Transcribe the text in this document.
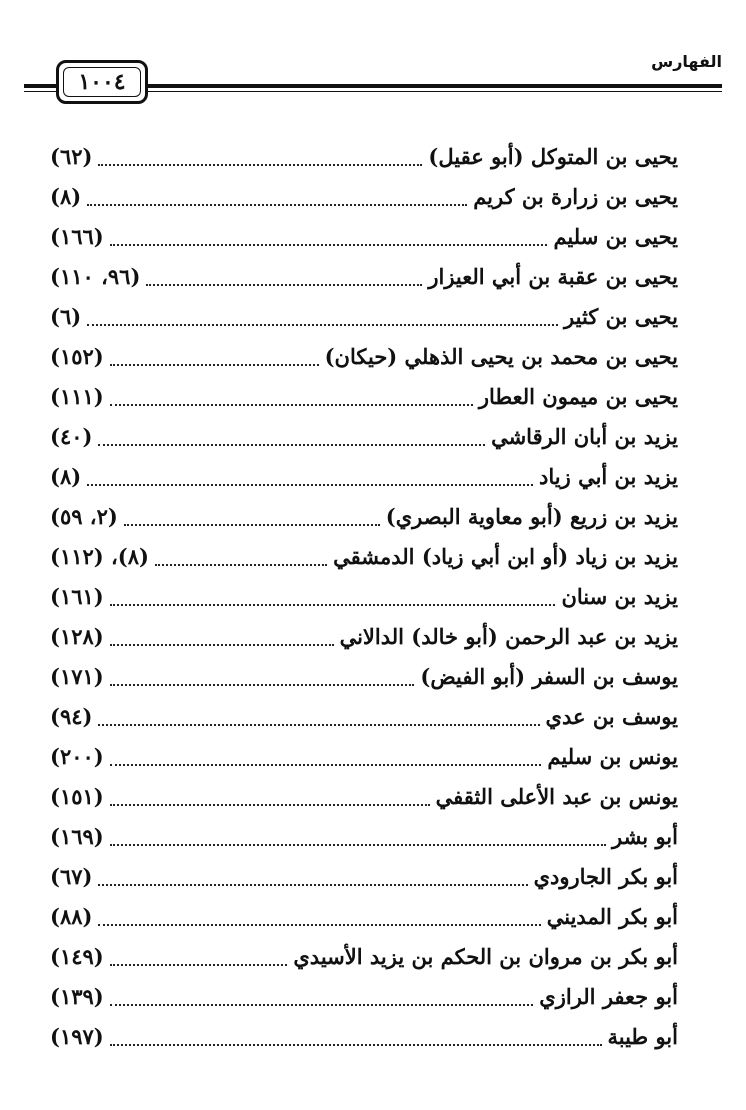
الفهارس
١٠٠٤
يحيى بن المتوكل (أبو عقيل)
(٦٢)
يحيى بن زرارة بن كريم
(٨)
يحيى بن سليم
(١٦٦)
يحيى بن عقبة بن أبي العيزار
(٩٦، ١١٠)
يحيى بن كثير
(٦)
يحيى بن محمد بن يحيى الذهلي (حيكان)
(١٥٢)
يحيى بن ميمون العطار
(١١١)
يزيد بن أبان الرقاشي
(٤٠)
يزيد بن أبي زياد
(٨)
يزيد بن زريع (أبو معاوية البصري)
(٢، ٥٩)
يزيد بن زياد (أو ابن أبي زياد) الدمشقي
(٨)، (١١٢)
يزيد بن سنان
(١٦١)
يزيد بن عبد الرحمن (أبو خالد) الدالاني
(١٢٨)
يوسف بن السفر (أبو الفيض)
(١٧١)
يوسف بن عدي
(٩٤)
يونس بن سليم
(٢٠٠)
يونس بن عبد الأعلى الثقفي
(١٥١)
أبو بشر
(١٦٩)
أبو بكر الجارودي
(٦٧)
أبو بكر المديني
(٨٨)
أبو بكر بن مروان بن الحكم بن يزيد الأسيدي
(١٤٩)
أبو جعفر الرازي
(١٣٩)
أبو طيبة
(١٩٧)
